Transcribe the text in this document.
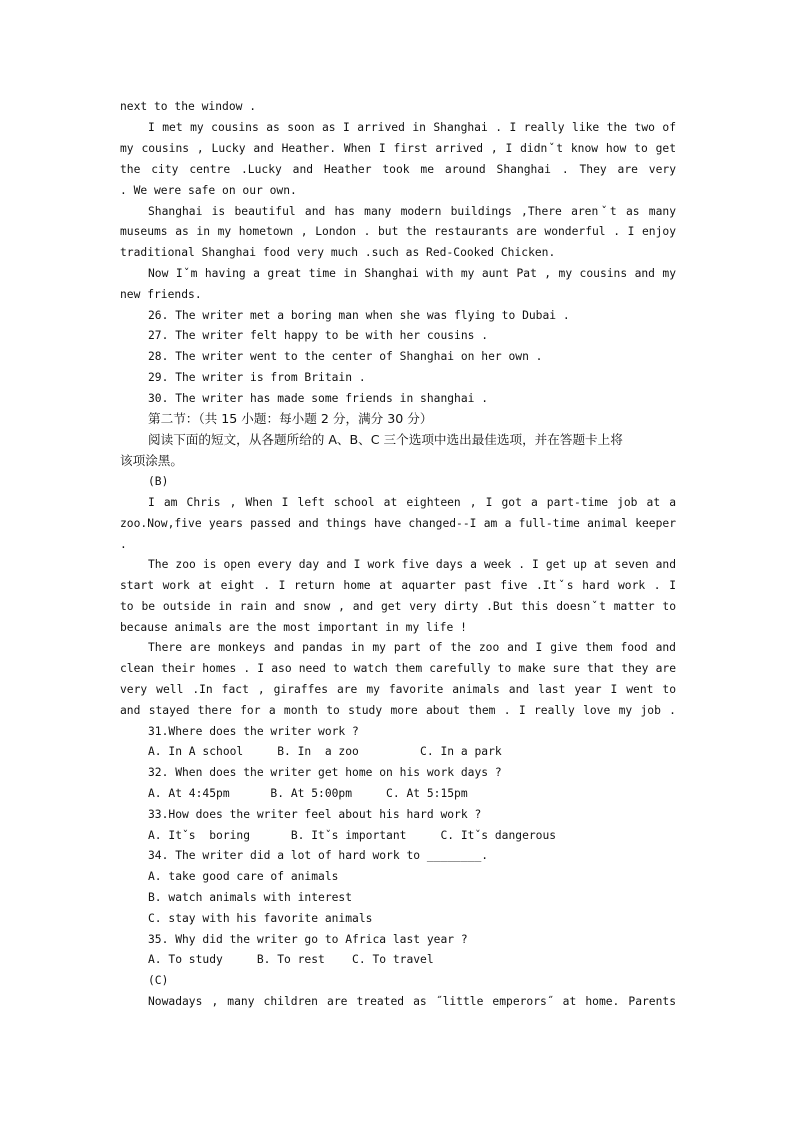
next to the window .
I met my cousins as soon as I arrived in Shanghai . I really like the two of
my cousins , Lucky and Heather. When I first arrived , I didnˇt know how to get
the city centre .Lucky and Heather took me around Shanghai . They are very
. We were safe on our own.
Shanghai is beautiful and has many modern buildings ,There arenˇt as many
museums as in my hometown , London . but the restaurants are wonderful . I enjoy
traditional Shanghai food very much .such as Red-Cooked Chicken.
Now Iˇm having a great time in Shanghai with my aunt Pat , my cousins and my
new friends.
26. The writer met a boring man when she was flying to Dubai .
27. The writer felt happy to be with her cousins .
28. The writer went to the center of Shanghai on her own .
29. The writer is from Britain .
30. The writer has made some friends in shanghai .
第二节：（共 15 小题：每小题 2 分，满分 30 分）
阅读下面的短文，从各题所给的 A、B、C 三个选项中选出最佳选项，并在答题卡上将
该项涂黑。
(B)
I am Chris , When I left school at eighteen , I got a part-time job at a
zoo.Now,five years passed and things have changed--I am a full-time animal keeper
.
The zoo is open every day and I work five days a week . I get up at seven and
start work at eight . I return home at aquarter past five .Itˇs hard work . I
to be outside in rain and snow , and get very dirty .But this doesnˇt matter to
because animals are the most important in my life !
There are monkeys and pandas in my part of the zoo and I give them food and
clean their homes . I aso need to watch them carefully to make sure that they are
very well .In fact , giraffes are my favorite animals and last year I went to
and stayed there for a month to study more about them . I really love my job .
31.Where does the writer work ?
A. In A school     B. In  a zoo         C. In a park
32. When does the writer get home on his work days ?
A. At 4:45pm      B. At 5:00pm     C. At 5:15pm
33.How does the writer feel about his hard work ?
A. Itˇs  boring      B. Itˇs important     C. Itˇs dangerous
34. The writer did a lot of hard work to ________.
A. take good care of animals
B. watch animals with interest
C. stay with his favorite animals
35. Why did the writer go to Africa last year ?
A. To study     B. To rest    C. To travel
(C)
Nowadays , many children are treated as ˝little emperors˝ at home. Parents
